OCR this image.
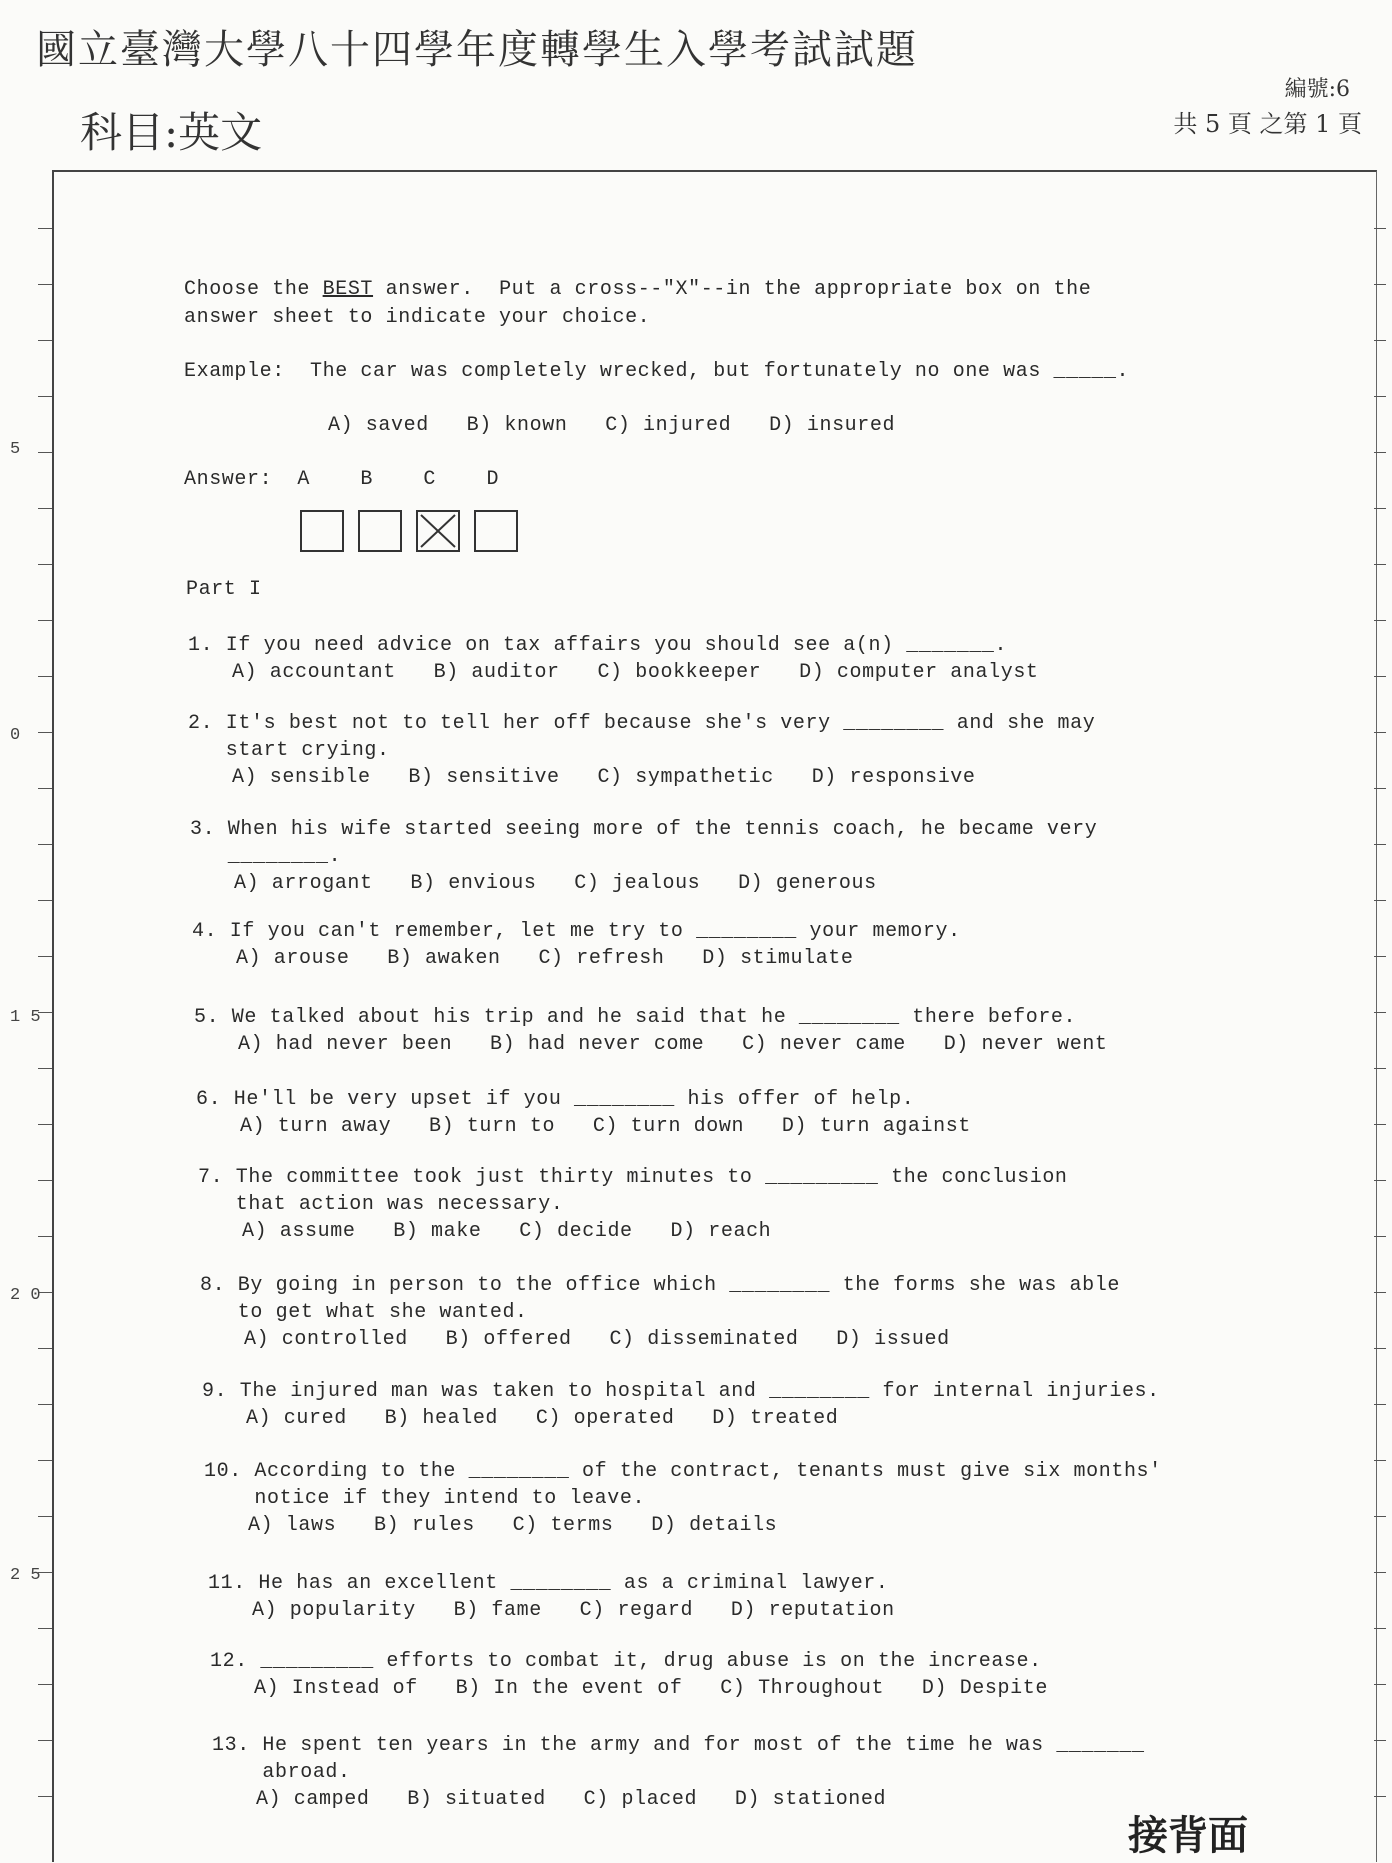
國立臺灣大學八十四學年度轉學生入學考試試題
科目:英文
編號:6
共 5 頁 之第 1 頁
5
0
1 5
2 0
2 5
Choose the BEST answer.  Put a cross--"X"--in the appropriate box on the
answer sheet to indicate your choice.
Example:  The car was completely wrecked, but fortunately no one was _____.
A) saved   B) known   C) injured   D) insured
Answer:  A    B    C    D
Part I
1. If you need advice on tax affairs you should see a(n) _______.
A) accountant   B) auditor   C) bookkeeper   D) computer analyst
2. It's best not to tell her off because she's very ________ and she may
start crying.
A) sensible   B) sensitive   C) sympathetic   D) responsive
3. When his wife started seeing more of the tennis coach, he became very
________.
A) arrogant   B) envious   C) jealous   D) generous
4. If you can't remember, let me try to ________ your memory.
A) arouse   B) awaken   C) refresh   D) stimulate
5. We talked about his trip and he said that he ________ there before.
A) had never been   B) had never come   C) never came   D) never went
6. He'll be very upset if you ________ his offer of help.
A) turn away   B) turn to   C) turn down   D) turn against
7. The committee took just thirty minutes to _________ the conclusion
that action was necessary.
A) assume   B) make   C) decide   D) reach
8. By going in person to the office which ________ the forms she was able
to get what she wanted.
A) controlled   B) offered   C) disseminated   D) issued
9. The injured man was taken to hospital and ________ for internal injuries.
A) cured   B) healed   C) operated   D) treated
10. According to the ________ of the contract, tenants must give six months'
notice if they intend to leave.
A) laws   B) rules   C) terms   D) details
11. He has an excellent ________ as a criminal lawyer.
A) popularity   B) fame   C) regard   D) reputation
12. _________ efforts to combat it, drug abuse is on the increase.
A) Instead of   B) In the event of   C) Throughout   D) Despite
13. He spent ten years in the army and for most of the time he was _______
abroad.
A) camped   B) situated   C) placed   D) stationed
接背面
